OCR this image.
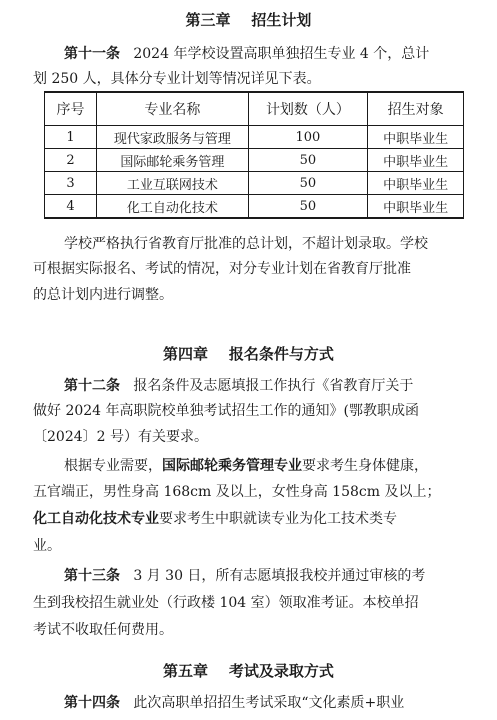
第三章    招生计划
第十一条 2024 年学校设置高职单独招生专业 4 个，总计
划 250 人，具体分专业计划等情况详见下表。
序号	专业名称	计划数（人）	招生对象
1	现代家政服务与管理	100	中职毕业生
2	国际邮轮乘务管理	50	中职毕业生
3	工业互联网技术	50	中职毕业生
4	化工自动化技术	50	中职毕业生
学校严格执行省教育厅批准的总计划，不超计划录取。学校
可根据实际报名、考试的情况，对分专业计划在省教育厅批准
的总计划内进行调整。
第四章    报名条件与方式
第十二条 报名条件及志愿填报工作执行《省教育厅关于
做好 2024 年高职院校单独考试招生工作的通知》(鄂教职成函
〔2024〕2 号）有关要求。
根据专业需要，国际邮轮乘务管理专业要求考生身体健康，
五官端正，男性身高 168cm 及以上，女性身高 158cm 及以上；
化工自动化技术专业要求考生中职就读专业为化工技术类专
业。
第十三条 3 月 30 日，所有志愿填报我校并通过审核的考
生到我校招生就业处（行政楼 104 室）领取准考证。本校单招
考试不收取任何费用。
第五章    考试及录取方式
第十四条 此次高职单招招生考试采取“文化素质+职业
